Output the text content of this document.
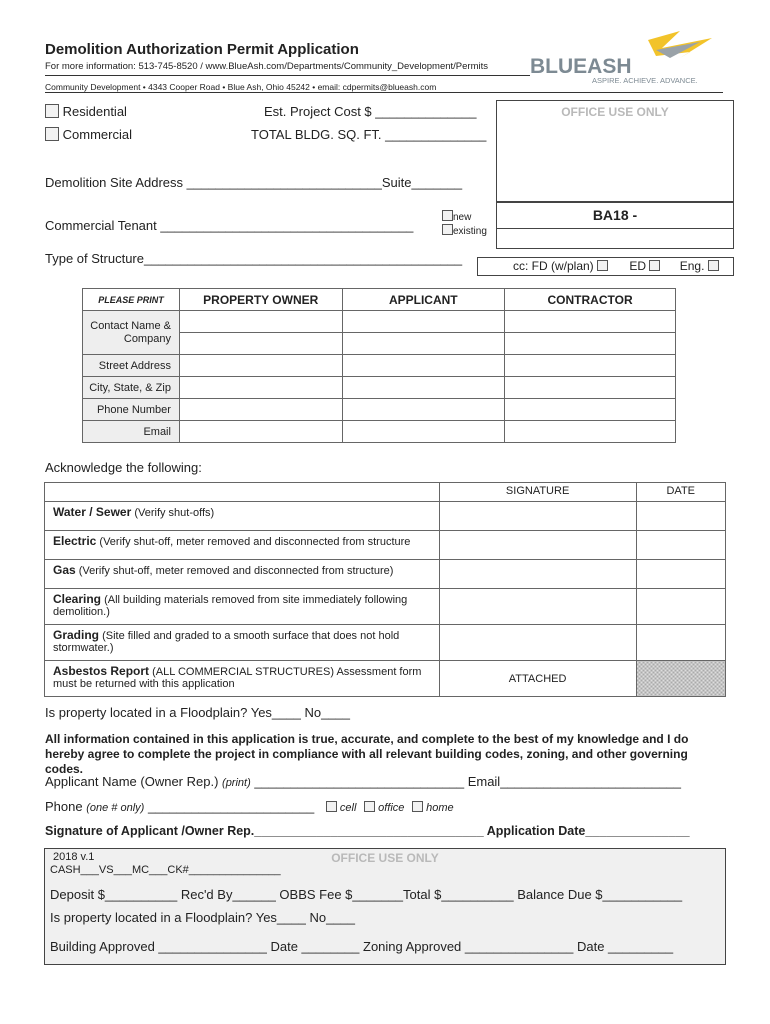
Demolition Authorization Permit Application
For more information: 513-745-8520 / www.BlueAsh.com/Departments/Community_Development/Permits
Community Development • 4343 Cooper Road • Blue Ash, Ohio 45242 • email: cdpermits@blueash.com
BLUEASH
ASPIRE. ACHIEVE. ADVANCE.
Residential
Commercial
Est. Project Cost $ ______________
TOTAL BLDG. SQ. FT. ______________
Demolition Site Address ___________________________Suite_______
Commercial Tenant ___________________________________
new
existing
Type of Structure____________________________________________
OFFICE USE ONLY
BA18 -
cc: FD (w/plan)	ED	Eng.
PLEASE PRINT	PROPERTY OWNER	APPLICANT	CONTRACTOR
Contact Name & Company			

Street Address			
City, State, & Zip			
Phone Number			
Email			
Acknowledge the following:
	SIGNATURE	DATE
Water / Sewer (Verify shut-offs)		
Electric (Verify shut-off, meter removed and disconnected from structure		
Gas (Verify shut-off, meter removed and disconnected from structure)		
Clearing (All building materials removed from site immediately following demolition.)		
Grading (Site filled and graded to a smooth surface that does not hold stormwater.)		
Asbestos Report (ALL COMMERCIAL STRUCTURES) Assessment form must be returned with this application	ATTACHED	
Is property located in a Floodplain? Yes____ No____
All information contained in this application is true, accurate, and complete to the best of my knowledge and I do hereby agree to complete the project in compliance with all relevant building codes, zoning, and other governing codes.
Applicant Name (Owner Rep.) (print) _____________________________ Email_________________________
Phone (one # only) _______________________ cell office home
Signature of Applicant /Owner Rep._________________________________ Application Date_______________
2018 v.1	OFFICE USE ONLY
CASH___VS___MC___CK#_______________
Deposit $__________ Rec'd By______ OBBS Fee $_______Total $__________ Balance Due $___________
Is property located in a Floodplain? Yes____ No____
Building Approved _______________ Date ________ Zoning Approved _______________ Date _________
